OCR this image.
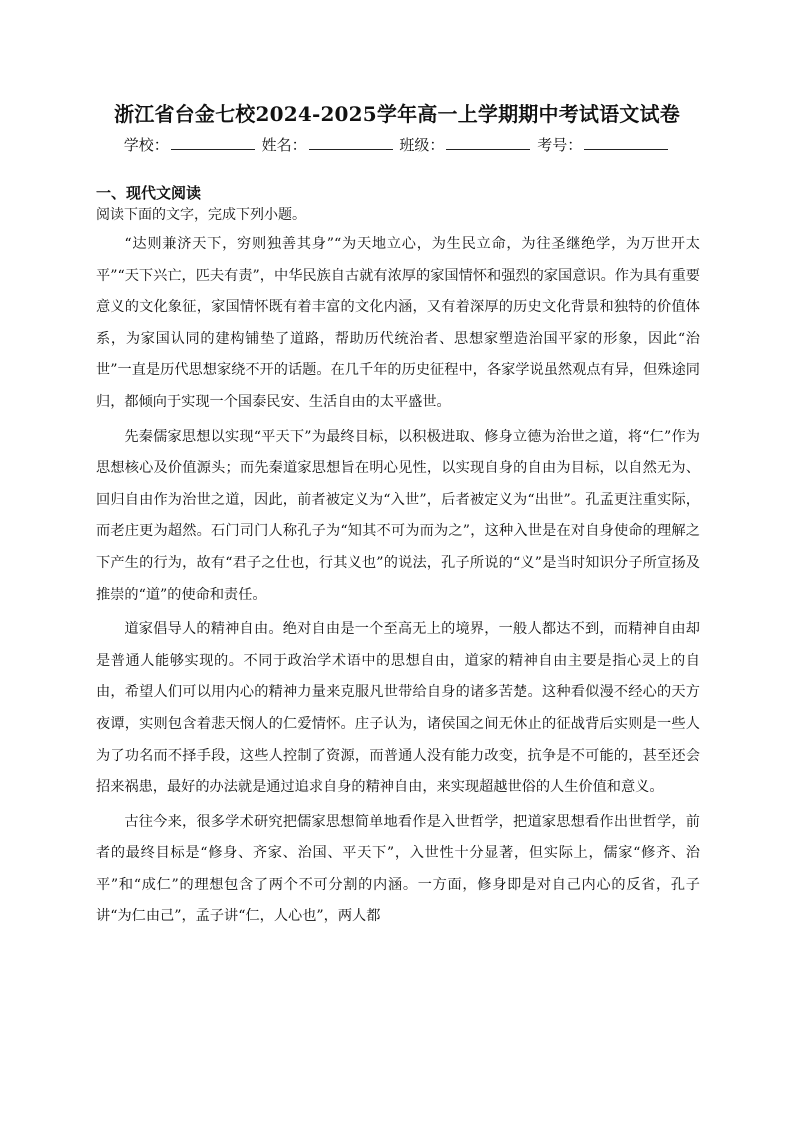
浙江省台金七校2024-2025学年高一上学期期中考试语文试卷
学校：	姓名：	班级：	考号：
一、现代文阅读
阅读下面的文字，完成下列小题。

“达则兼济天下，穷则独善其身”“为天地立心，为生民立命，为往圣继绝学，为万世开太平”“天下兴亡，匹夫有责”，中华民族自古就有浓厚的家国情怀和强烈的家国意识。作为具有重要意义的文化象征，家国情怀既有着丰富的文化内涵，又有着深厚的历史文化背景和独特的价值体系，为家国认同的建构铺垫了道路，帮助历代统治者、思想家塑造治国平家的形象，因此“治世”一直是历代思想家绕不开的话题。在几千年的历史征程中，各家学说虽然观点有异，但殊途同归，都倾向于实现一个国泰民安、生活自由的太平盛世。

先秦儒家思想以实现“平天下”为最终目标，以积极进取、修身立德为治世之道，将“仁”作为思想核心及价值源头；而先秦道家思想旨在明心见性，以实现自身的自由为目标，以自然无为、回归自由作为治世之道，因此，前者被定义为“入世”，后者被定义为“出世”。孔孟更注重实际，而老庄更为超然。石门司门人称孔子为“知其不可为而为之”，这种入世是在对自身使命的理解之下产生的行为，故有“君子之仕也，行其义也”的说法，孔子所说的“义”是当时知识分子所宣扬及推崇的“道”的使命和责任。

道家倡导人的精神自由。绝对自由是一个至高无上的境界，一般人都达不到，而精神自由却是普通人能够实现的。不同于政治学术语中的思想自由，道家的精神自由主要是指心灵上的自由，希望人们可以用内心的精神力量来克服凡世带给自身的诸多苦楚。这种看似漫不经心的天方夜谭，实则包含着悲天悯人的仁爱情怀。庄子认为，诸侯国之间无休止的征战背后实则是一些人为了功名而不择手段，这些人控制了资源，而普通人没有能力改变，抗争是不可能的，甚至还会招来祸患，最好的办法就是通过追求自身的精神自由，来实现超越世俗的人生价值和意义。

古往今来，很多学术研究把儒家思想简单地看作是入世哲学，把道家思想看作出世哲学，前者的最终目标是“修身、齐家、治国、平天下”，入世性十分显著，但实际上，儒家“修齐、治平”和“成仁”的理想包含了两个不可分割的内涵。一方面，修身即是对自己内心的反省，孔子讲“为仁由己”，孟子讲“仁，人心也”，两人都
